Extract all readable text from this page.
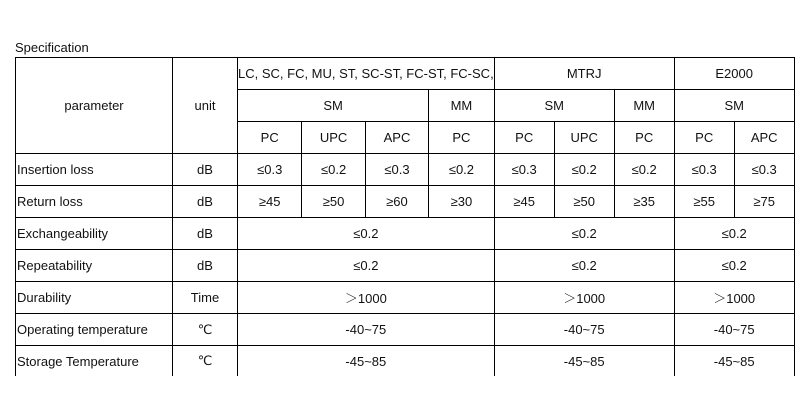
Specification
parameter	unit	LC, SC, FC, MU, ST, SC-ST, FC-ST, FC-SC,				MTRJ			E2000	
		SM			MM	SM		MM	SM	
		PC	UPC	APC	PC	PC	UPC	PC	PC	APC
Insertion loss	dB	≤0.3	≤0.2	≤0.3	≤0.2	≤0.3	≤0.2	≤0.2	≤0.3	≤0.3
Return loss	dB	≥45	≥50	≥60	≥30	≥45	≥50	≥35	≥55	≥75
Exchangeability	dB	≤0.2				≤0.2			≤0.2	
Repeatability	dB	≤0.2				≤0.2			≤0.2	
Durability	Time	＞1000				＞1000			＞1000	
Operating temperature	℃	-40~75				-40~75			-40~75	
Storage Temperature	℃	-45~85				-45~85			-45~85	
